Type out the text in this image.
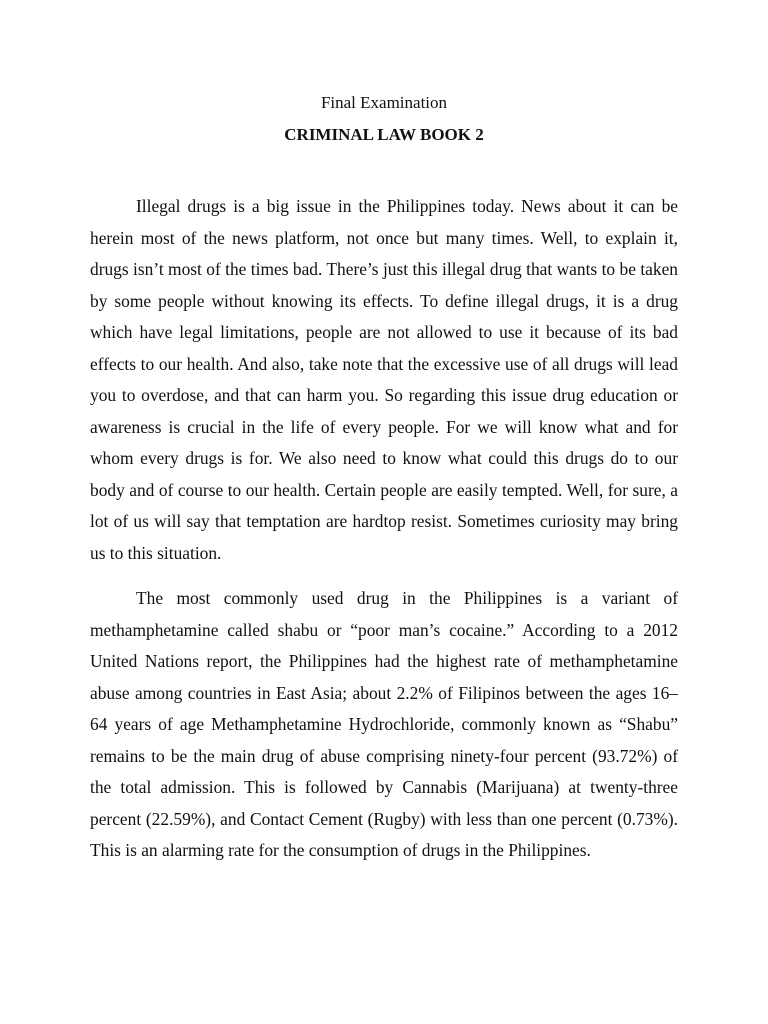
Final Examination
CRIMINAL LAW BOOK 2

Illegal drugs is a big issue in the Philippines today. News about it can be herein most of the news platform, not once but many times. Well, to explain it, drugs isn’t most of the times bad. There’s just this illegal drug that wants to be taken by some people without knowing its effects. To define illegal drugs, it is a drug which have legal limitations, people are not allowed to use it because of its bad effects to our health. And also, take note that the excessive use of all drugs will lead you to overdose, and that can harm you. So regarding this issue drug education or awareness is crucial in the life of every people. For we will know what and for whom every drugs is for. We also need to know what could this drugs do to our body and of course to our health. Certain people are easily tempted. Well, for sure, a lot of us will say that temptation are hardtop resist. Sometimes curiosity may bring us to this situation.

The most commonly used drug in the Philippines is a variant of methamphetamine called shabu or “poor man’s cocaine.” According to a 2012 United Nations report, the Philippines had the highest rate of methamphetamine abuse among countries in East Asia; about 2.2% of Filipinos between the ages 16–64 years of age Methamphetamine Hydrochloride, commonly known as “Shabu” remains to be the main drug of abuse comprising ninety-four percent (93.72%) of the total admission. This is followed by Cannabis (Marijuana) at twenty-three percent (22.59%), and Contact Cement (Rugby) with less than one percent (0.73%). This is an alarming rate for the consumption of drugs in the Philippines.
